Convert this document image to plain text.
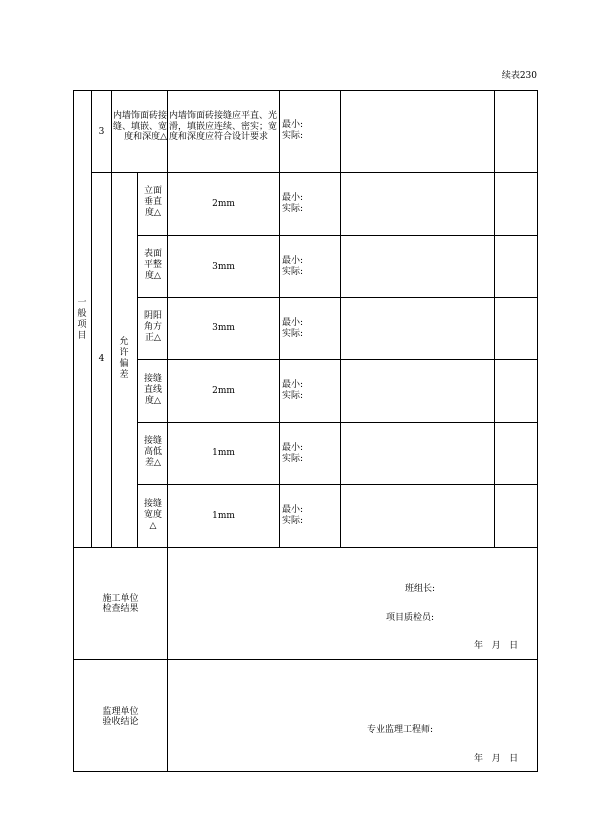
续表230
一般项目
3
内墙饰面砖接缝、填嵌、宽度和深度△
内墙饰面砖接缝应平直、光滑，填嵌应连续、密实；宽度和深度应符合设计要求
最小:
实际:
4
允许偏差
立面垂直度△
2mm
最小:
实际:
表面平整度△
3mm
最小:
实际:
阴阳角方正△
3mm	最小:
实际:
接缝直线度△
2mm
最小:
实际:
接缝高低差△
1mm	最小:
实际:
接缝宽度△
1mm
最小:
实际:
施工单位
检查结果
班组长:
项目质检员:
年   月   日
监理单位
验收结论
专业监理工程师:
年   月   日
